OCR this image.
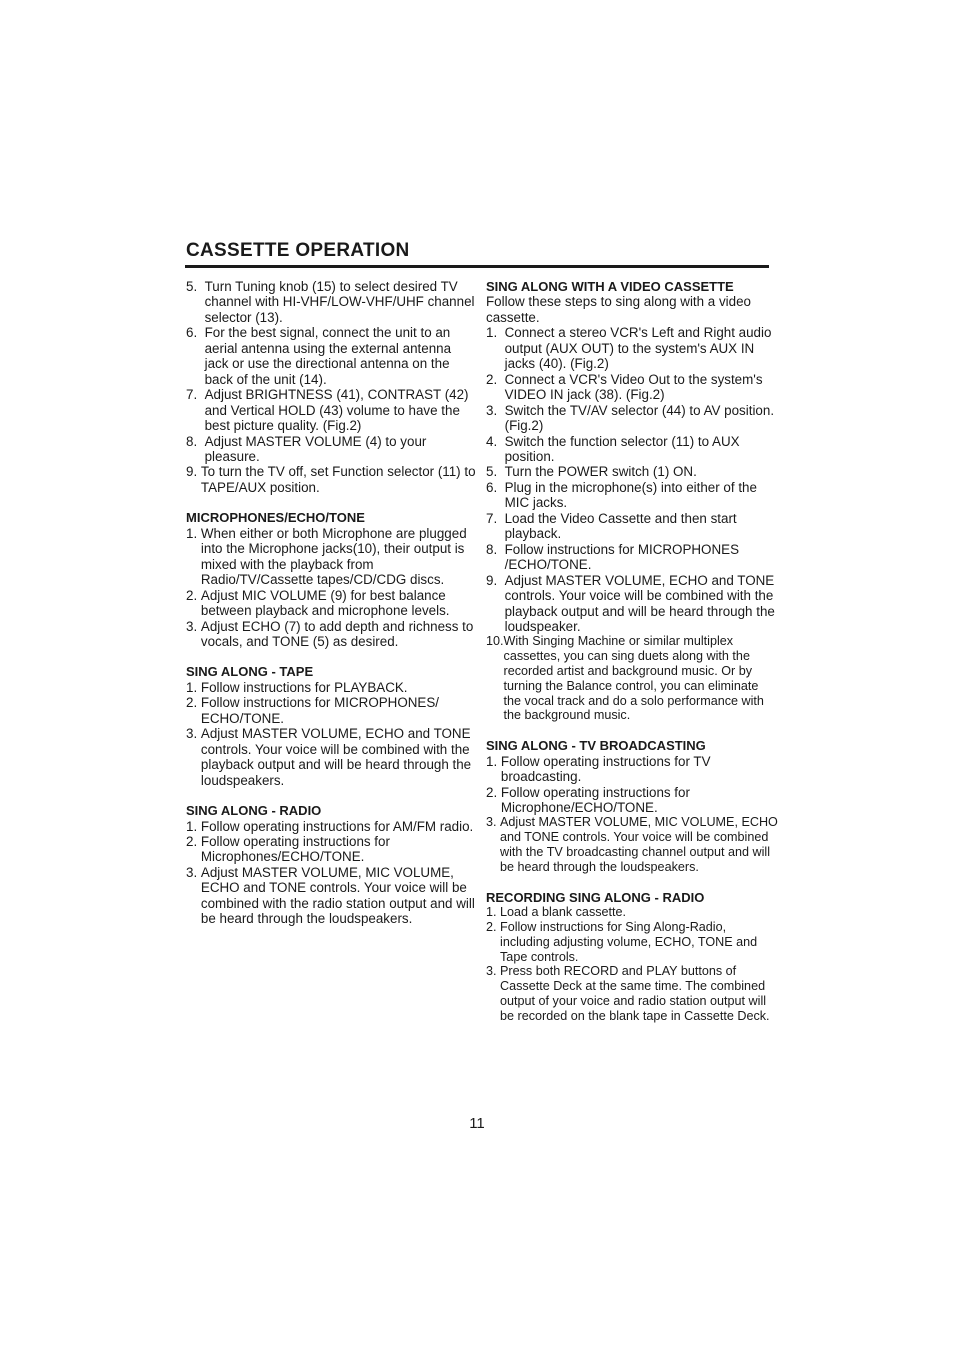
CASSETTE OPERATION
5. Turn Tuning knob (15) to select desired TV channel with HI-VHF/LOW-VHF/UHF channel selector (13).
6. For the best signal, connect the unit to an aerial antenna using the external antenna jack or use the directional antenna on the back of the unit (14).
7. Adjust BRIGHTNESS (41), CONTRAST (42) and Vertical HOLD (43) volume to have the best picture quality. (Fig.2)
8. Adjust MASTER VOLUME (4) to your pleasure.
9. To turn the TV off, set Function selector (11) to TAPE/AUX position.
MICROPHONES/ECHO/TONE
1. When either or both Microphone are plugged into the Microphone jacks(10), their output is mixed with the playback from Radio/TV/Cassette tapes/CD/CDG discs.
2. Adjust MIC VOLUME (9) for best balance between playback and microphone levels.
3. Adjust ECHO (7) to add depth and richness to vocals, and TONE (5) as desired.
SING ALONG - TAPE
1. Follow instructions for PLAYBACK.
2. Follow instructions for MICROPHONES/ ECHO/TONE.
3. Adjust MASTER VOLUME, ECHO and TONE controls. Your voice will be combined with the playback output and will be heard through the loudspeakers.
SING ALONG - RADIO
1. Follow operating instructions for AM/FM radio.
2. Follow operating instructions for Microphones/ECHO/TONE.
3. Adjust MASTER VOLUME, MIC VOLUME, ECHO and TONE controls. Your voice will be combined with the radio station output and will be heard through the loudspeakers.
SING ALONG WITH A VIDEO CASSETTE

Follow these steps to sing along with a video cassette.

1. Connect a stereo VCR's Left and Right audio output (AUX OUT) to the system's AUX IN jacks (40). (Fig.2)
2. Connect a VCR's Video Out to the system's VIDEO IN jack (38). (Fig.2)
3. Switch the TV/AV selector (44) to AV position. (Fig.2)
4. Switch the function selector (11) to AUX position.
5. Turn the POWER switch (1) ON.
6. Plug in the microphone(s) into either of the MIC jacks.
7. Load the Video Cassette and then start playback.
8. Follow instructions for MICROPHONES /ECHO/TONE.
9. Adjust MASTER VOLUME, ECHO and TONE controls. Your voice will be combined with the playback output and will be heard through the loudspeaker.
10. With Singing Machine or similar multiplex cassettes, you can sing duets along with the recorded artist and background music. Or by turning the Balance control, you can eliminate the vocal track and do a solo performance with the background music.
SING ALONG - TV BROADCASTING
1. Follow operating instructions for TV broadcasting.
2. Follow operating instructions for Microphone/ECHO/TONE.
3. Adjust MASTER VOLUME, MIC VOLUME, ECHO and TONE controls. Your voice will be combined with the TV broadcasting channel output and will be heard through the loudspeakers.
RECORDING SING ALONG - RADIO
1. Load a blank cassette.
2. Follow instructions for Sing Along-Radio, including adjusting volume, ECHO, TONE and Tape controls.
3. Press both RECORD and PLAY buttons of Cassette Deck at the same time. The combined output of your voice and radio station output will be recorded on the blank tape in Cassette Deck.
11
